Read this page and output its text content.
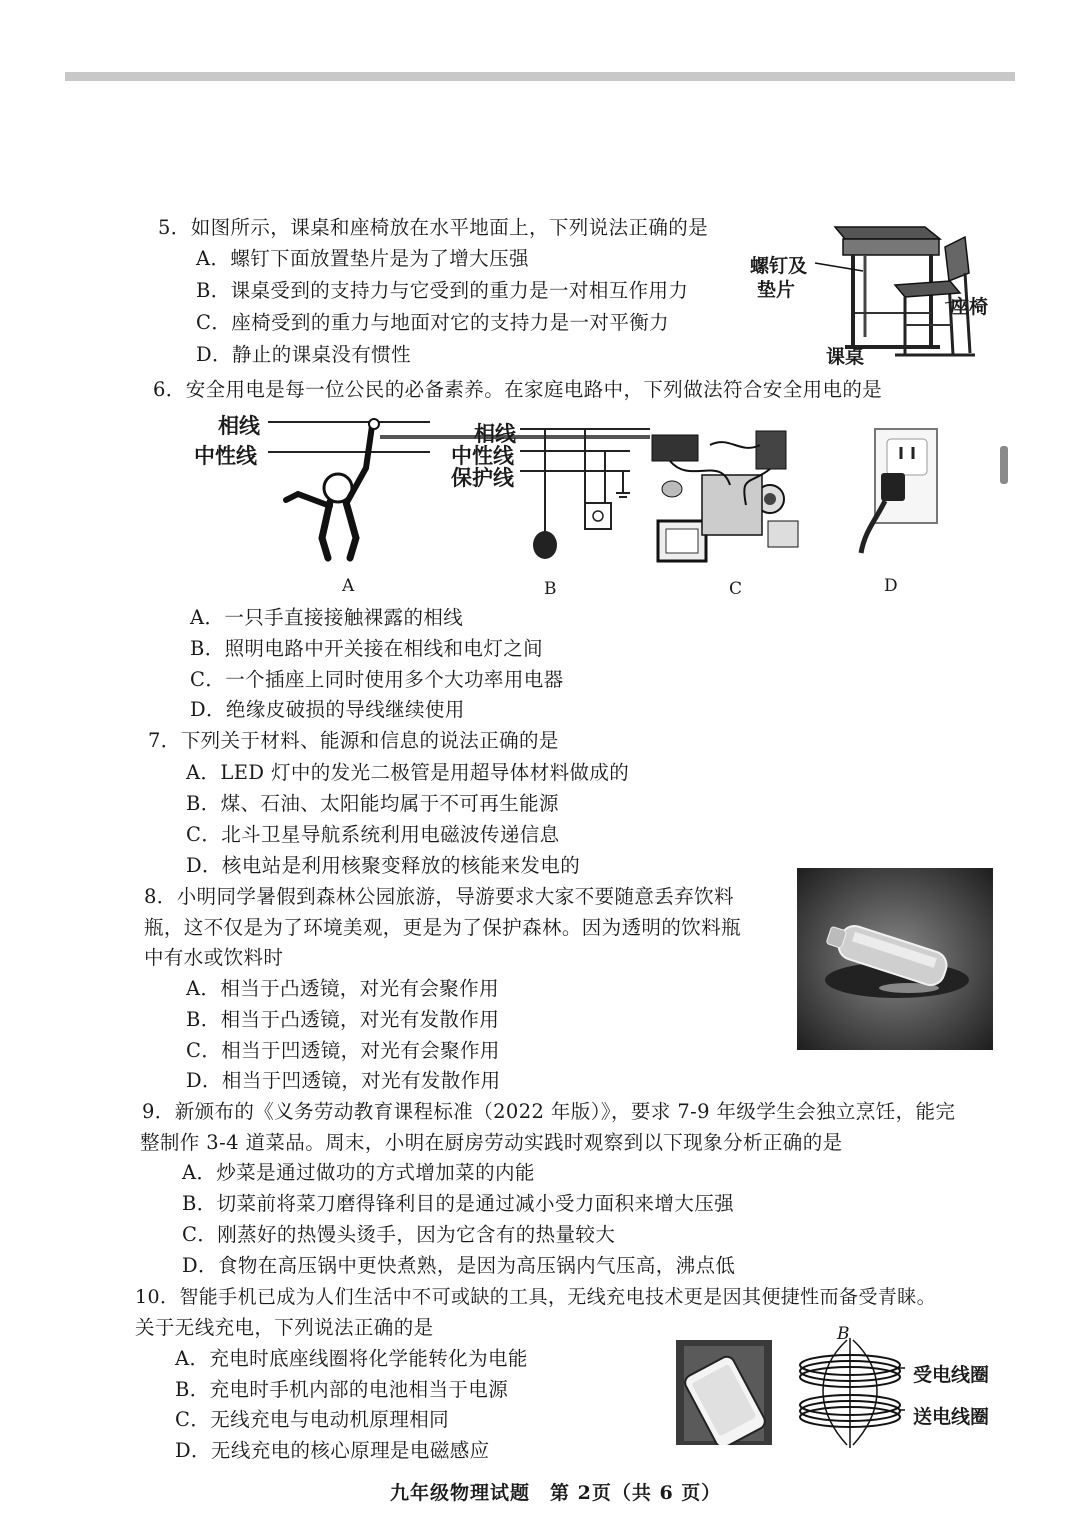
5．如图所示，课桌和座椅放在水平地面上，下列说法正确的是
A．螺钉下面放置垫片是为了增大压强
B．课桌受到的支持力与它受到的重力是一对相互作用力
C．座椅受到的重力与地面对它的支持力是一对平衡力
D．静止的课桌没有惯性
螺钉及
垫片
座椅
课桌
6．安全用电是每一位公民的必备素养。在家庭电路中，下列做法符合安全用电的是
相线
中性线
相线
中性线
保护线
A	B	C	D
A．一只手直接接触裸露的相线
B．照明电路中开关接在相线和电灯之间
C．一个插座上同时使用多个大功率用电器
D．绝缘皮破损的导线继续使用
7．下列关于材料、能源和信息的说法正确的是
A．LED 灯中的发光二极管是用超导体材料做成的
B．煤、石油、太阳能均属于不可再生能源
C．北斗卫星导航系统利用电磁波传递信息
D．核电站是利用核聚变释放的核能来发电的
8．小明同学暑假到森林公园旅游，导游要求大家不要随意丢弃饮料
瓶，这不仅是为了环境美观，更是为了保护森林。因为透明的饮料瓶
中有水或饮料时
A．相当于凸透镜，对光有会聚作用
B．相当于凸透镜，对光有发散作用
C．相当于凹透镜，对光有会聚作用
D．相当于凹透镜，对光有发散作用
9．新颁布的《义务劳动教育课程标准（2022 年版）》，要求 7-9 年级学生会独立烹饪，能完
整制作 3-4 道菜品。周末，小明在厨房劳动实践时观察到以下现象分析正确的是
A．炒菜是通过做功的方式增加菜的内能
B．切菜前将菜刀磨得锋利目的是通过减小受力面积来增大压强
C．刚蒸好的热馒头烫手，因为它含有的热量较大
D．食物在高压锅中更快煮熟，是因为高压锅内气压高，沸点低
10．智能手机已成为人们生活中不可或缺的工具，无线充电技术更是因其便捷性而备受青睐。
关于无线充电，下列说法正确的是
A．充电时底座线圈将化学能转化为电能
B．充电时手机内部的电池相当于电源
C．无线充电与电动机原理相同
D．无线充电的核心原理是电磁感应
B
受电线圈
送电线圈
九年级物理试题　第 2页（共 6 页）
